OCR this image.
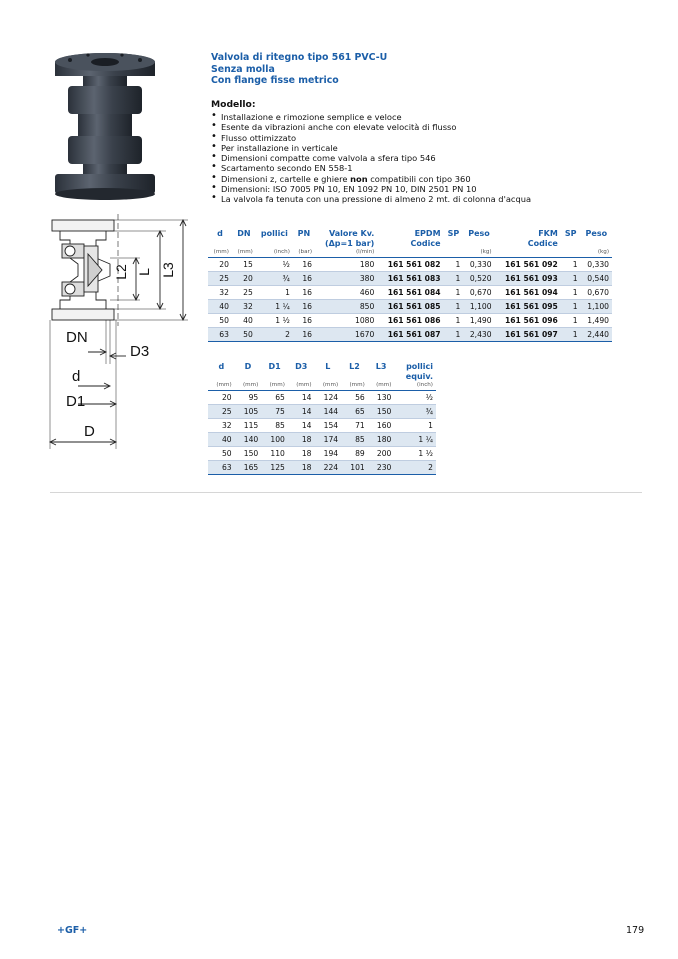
L3
L
L2
DN
D3
d
D1
D
Valvola di ritegno tipo 561 PVC-U
Senza molla
Con flange fisse metrico
Modello:
• Installazione e rimozione semplice e veloce
• Esente da vibrazioni anche con elevate velocità di flusso
• Flusso ottimizzato
• Per installazione in verticale
• Dimensioni compatte come valvola a sfera tipo 546
• Scartamento secondo EN 558-1
• Dimensioni z, cartelle e ghiere non compatibili con tipo 360
• Dimensioni: ISO 7005 PN 10, EN 1092 PN 10, DIN 2501 PN 10
• La valvola fa tenuta con una pressione di almeno 2 mt. di colonna d'acqua
d	DN	pollici	PN	Valore Kv.
(Δp=1 bar)	EPDM
Codice	SP	Peso	FKM
Codice	SP	Peso
(mm)	(mm)	(inch)	(bar)	(l/min)			(kg)			(kg)
20	15	½	16	180	161 561 082	1	0,330	161 561 092	1	0,330
25	20	¾	16	380	161 561 083	1	0,520	161 561 093	1	0,540
32	25	1	16	460	161 561 084	1	0,670	161 561 094	1	0,670
40	32	1 ¼	16	850	161 561 085	1	1,100	161 561 095	1	1,100
50	40	1 ½	16	1080	161 561 086	1	1,490	161 561 096	1	1,490
63	50	2	16	1670	161 561 087	1	2,430	161 561 097	1	2,440
d	D	D1	D3	L	L2	L3	pollici
equiv.
(mm)	(mm)	(mm)	(mm)	(mm)	(mm)	(mm)	(inch)
20	95	65	14	124	56	130	½
25	105	75	14	144	65	150	¾
32	115	85	14	154	71	160	1
40	140	100	18	174	85	180	1 ¼
50	150	110	18	194	89	200	1 ½
63	165	125	18	224	101	230	2
+GF+	179
